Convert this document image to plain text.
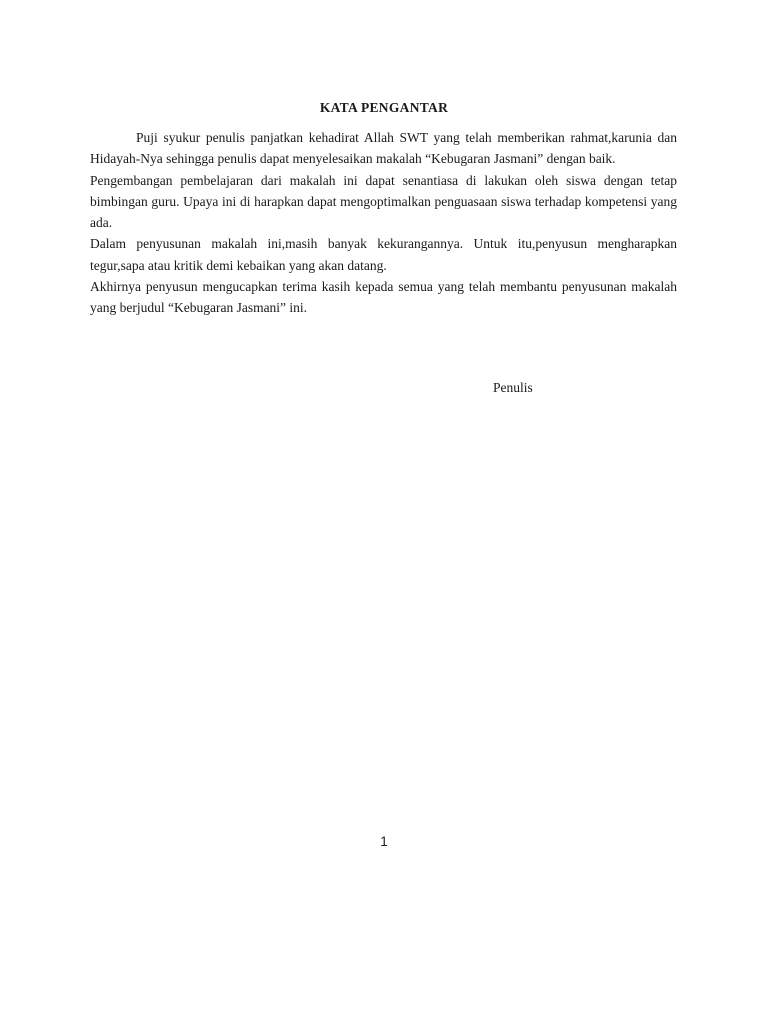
KATA PENGANTAR

Puji syukur penulis panjatkan kehadirat Allah SWT yang telah memberikan rahmat,karunia dan Hidayah-Nya sehingga penulis dapat menyelesaikan makalah “Kebugaran Jasmani” dengan baik.

Pengembangan pembelajaran dari makalah ini dapat senantiasa di lakukan oleh siswa dengan tetap bimbingan guru. Upaya ini di harapkan dapat mengoptimalkan penguasaan siswa terhadap kompetensi yang ada.

Dalam penyusunan makalah ini,masih banyak kekurangannya. Untuk itu,penyusun mengharapkan tegur,sapa atau kritik demi kebaikan yang akan datang.

Akhirnya penyusun mengucapkan terima kasih kepada semua yang telah membantu penyusunan makalah yang berjudul “Kebugaran Jasmani” ini.

Penulis
1
